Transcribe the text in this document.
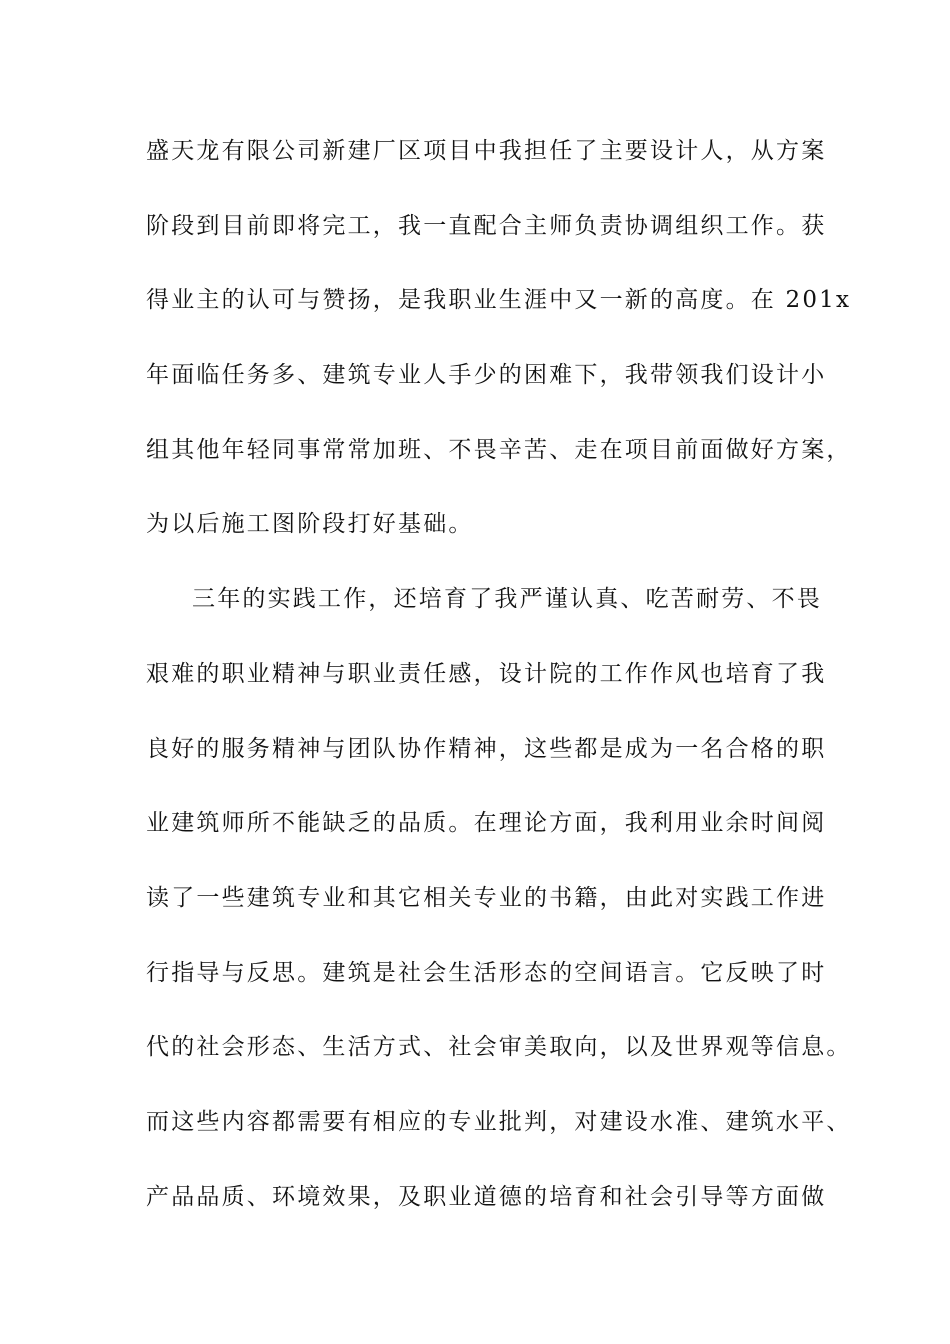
盛天龙有限公司新建厂区项目中我担任了主要设计人，从方案
阶段到目前即将完工，我一直配合主师负责协调组织工作。获
得业主的认可与赞扬，是我职业生涯中又一新的高度。在 201x
年面临任务多、建筑专业人手少的困难下，我带领我们设计小
组其他年轻同事常常加班、不畏辛苦、走在项目前面做好方案，
为以后施工图阶段打好基础。
三年的实践工作，还培育了我严谨认真、吃苦耐劳、不畏
艰难的职业精神与职业责任感，设计院的工作作风也培育了我
良好的服务精神与团队协作精神，这些都是成为一名合格的职
业建筑师所不能缺乏的品质。在理论方面，我利用业余时间阅
读了一些建筑专业和其它相关专业的书籍，由此对实践工作进
行指导与反思。建筑是社会生活形态的空间语言。它反映了时
代的社会形态、生活方式、社会审美取向，以及世界观等信息。
而这些内容都需要有相应的专业批判，对建设水准、建筑水平、
产品品质、环境效果，及职业道德的培育和社会引导等方面做
